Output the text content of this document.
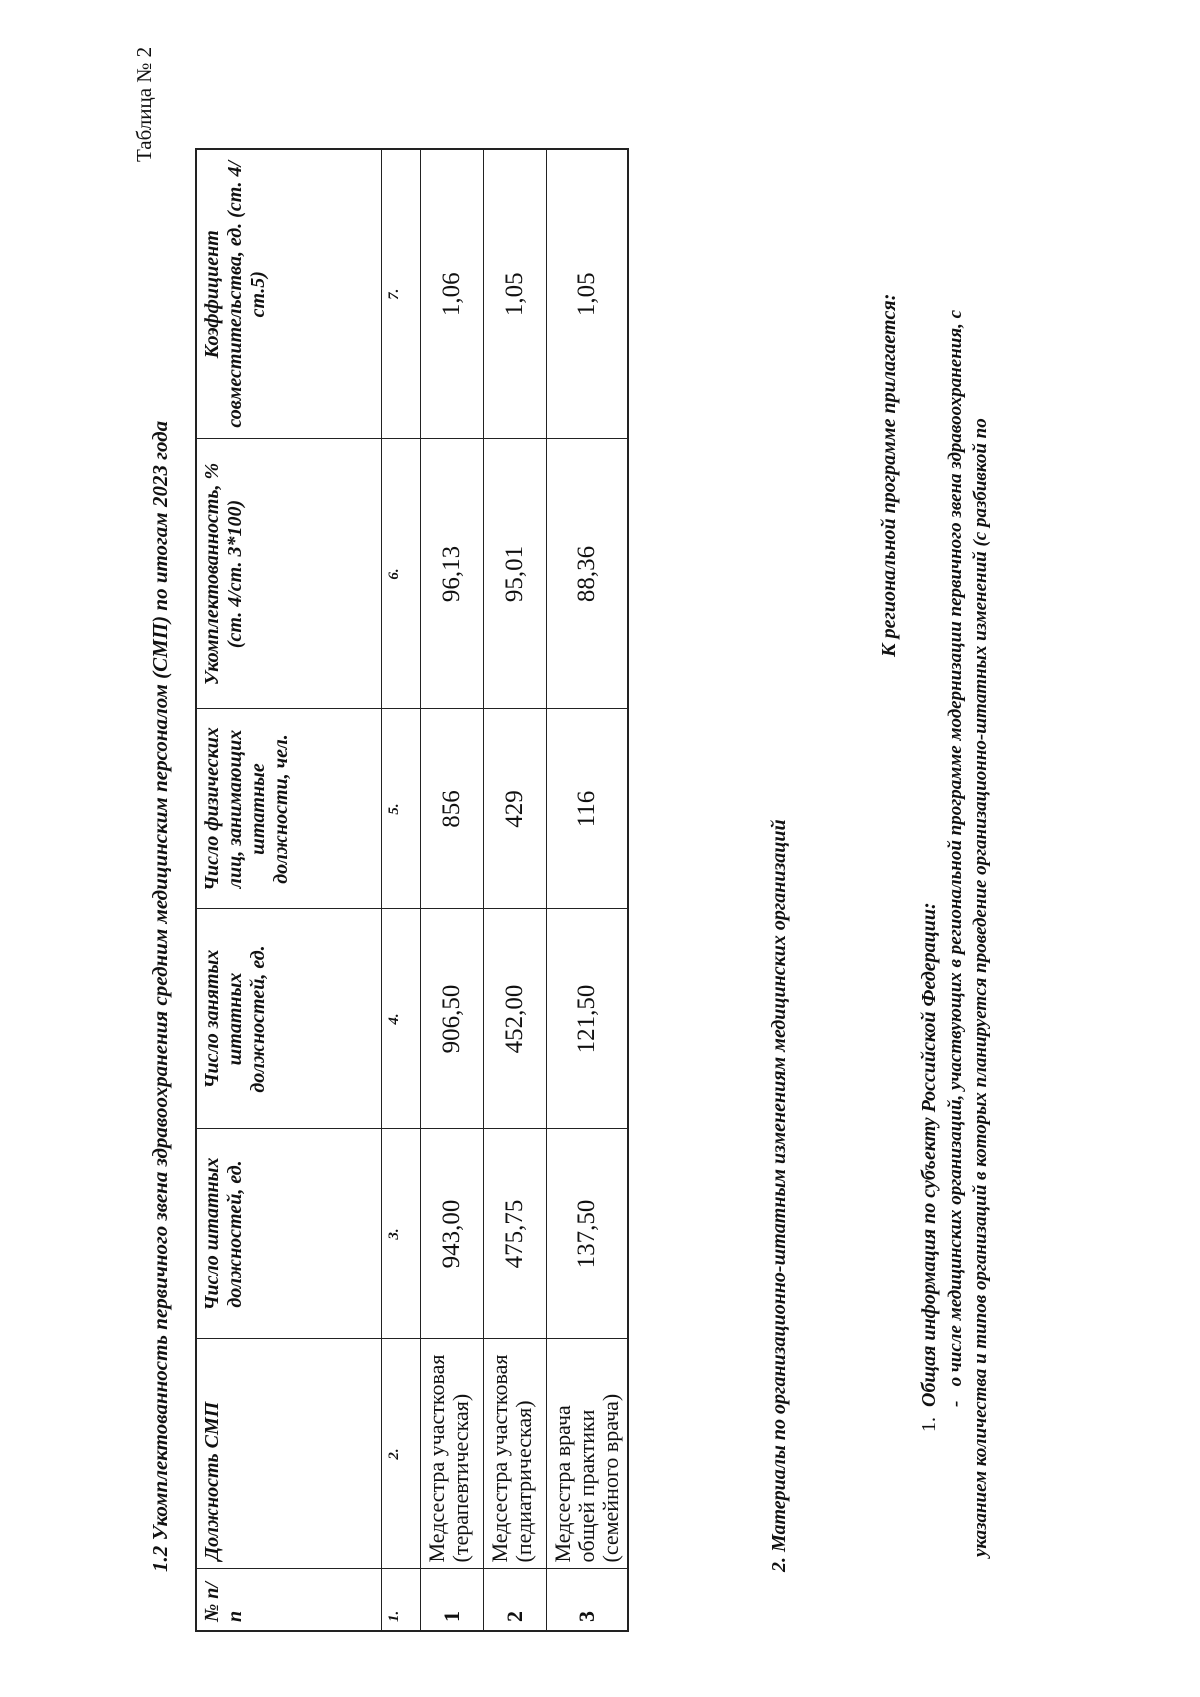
Таблица № 2
1.2 Укомплектованность первичного звена здравоохранения средним медицинским персоналом (СМП) по итогам 2023 года
№ п/п	Должность СМП	Число штатных должностей, ед.	Число занятых штатных должностей, ед.	Число физических лиц, занимающих штатные должности, чел.	Укомплектованность, % (ст. 4/ст. 3*100)	Коэффициент совместительства, ед. (ст. 4/ст.5)
1.	2.	3.	4.	5.	6.	7.
1	Медсестра участковая (терапевтическая)	943,00	906,50	856	96,13	1,06
2	Медсестра участковая (педиатрическая)	475,75	452,00	429	95,01	1,05
3	Медсестра врача общей практики (семейного врача)	137,50	121,50	116	88,36	1,05
2. Материалы по организационно-штатным изменениям медицинских организаций
К региональной программе прилагается:
1.  Общая информация по субъекту Российской Федерации: -   о числе медицинских организаций, участвующих в региональной программе модернизации первичного звена здравоохранения, с указанием количества и типов организаций в которых планируется проведение организационно-штатных изменений (с разбивкой по
